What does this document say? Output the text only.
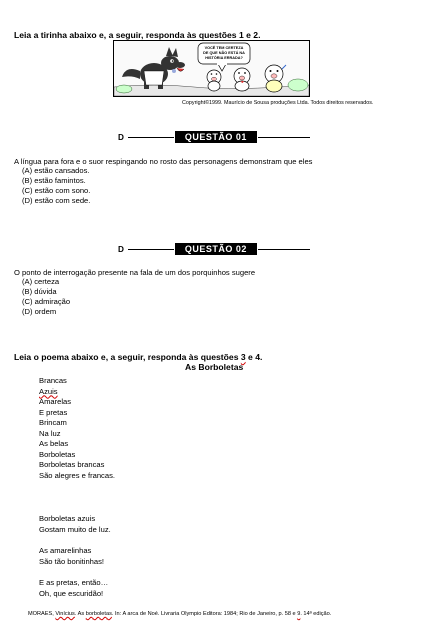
Leia a tirinha abaixo e, a seguir, responda às questões 1 e 2.
VOCÊ TEM CERTEZA
DE QUE NÃO ESTÁ NA
HISTÓRIA ERRADA?
Copyright©1999. Maurício de Sousa produções Ltda. Todos direitos reservados.
D	QUESTÃO 01
A língua para fora e o suor respingando no rosto das personagens demonstram que eles
(A) estão cansados.
(B) estão famintos.
(C) estão com sono.
(D) estão com sede.
D	QUESTÃO 02
O ponto de interrogação presente na fala de um dos porquinhos sugere
(A) certeza
(B) dúvida
(C) admiração
(D) ordem
Leia o poema abaixo e, a seguir, responda às questões 3 e 4.
As Borboletas
Brancas
Azuis
Amarelas
E pretas
Brincam
Na luz
As belas
Borboletas
Borboletas brancas
São alegres e francas.
Borboletas azuis
Gostam muito de luz.
As amarelinhas
São tão bonitinhas!
E as pretas, então…
Oh, que escuridão!
MORAES, Vinícius. As borboletas. In: A arca de Noé. Livraria Olympio Editora: 1984; Rio de Janeiro, p. 58 e 9. 14ª edição.
